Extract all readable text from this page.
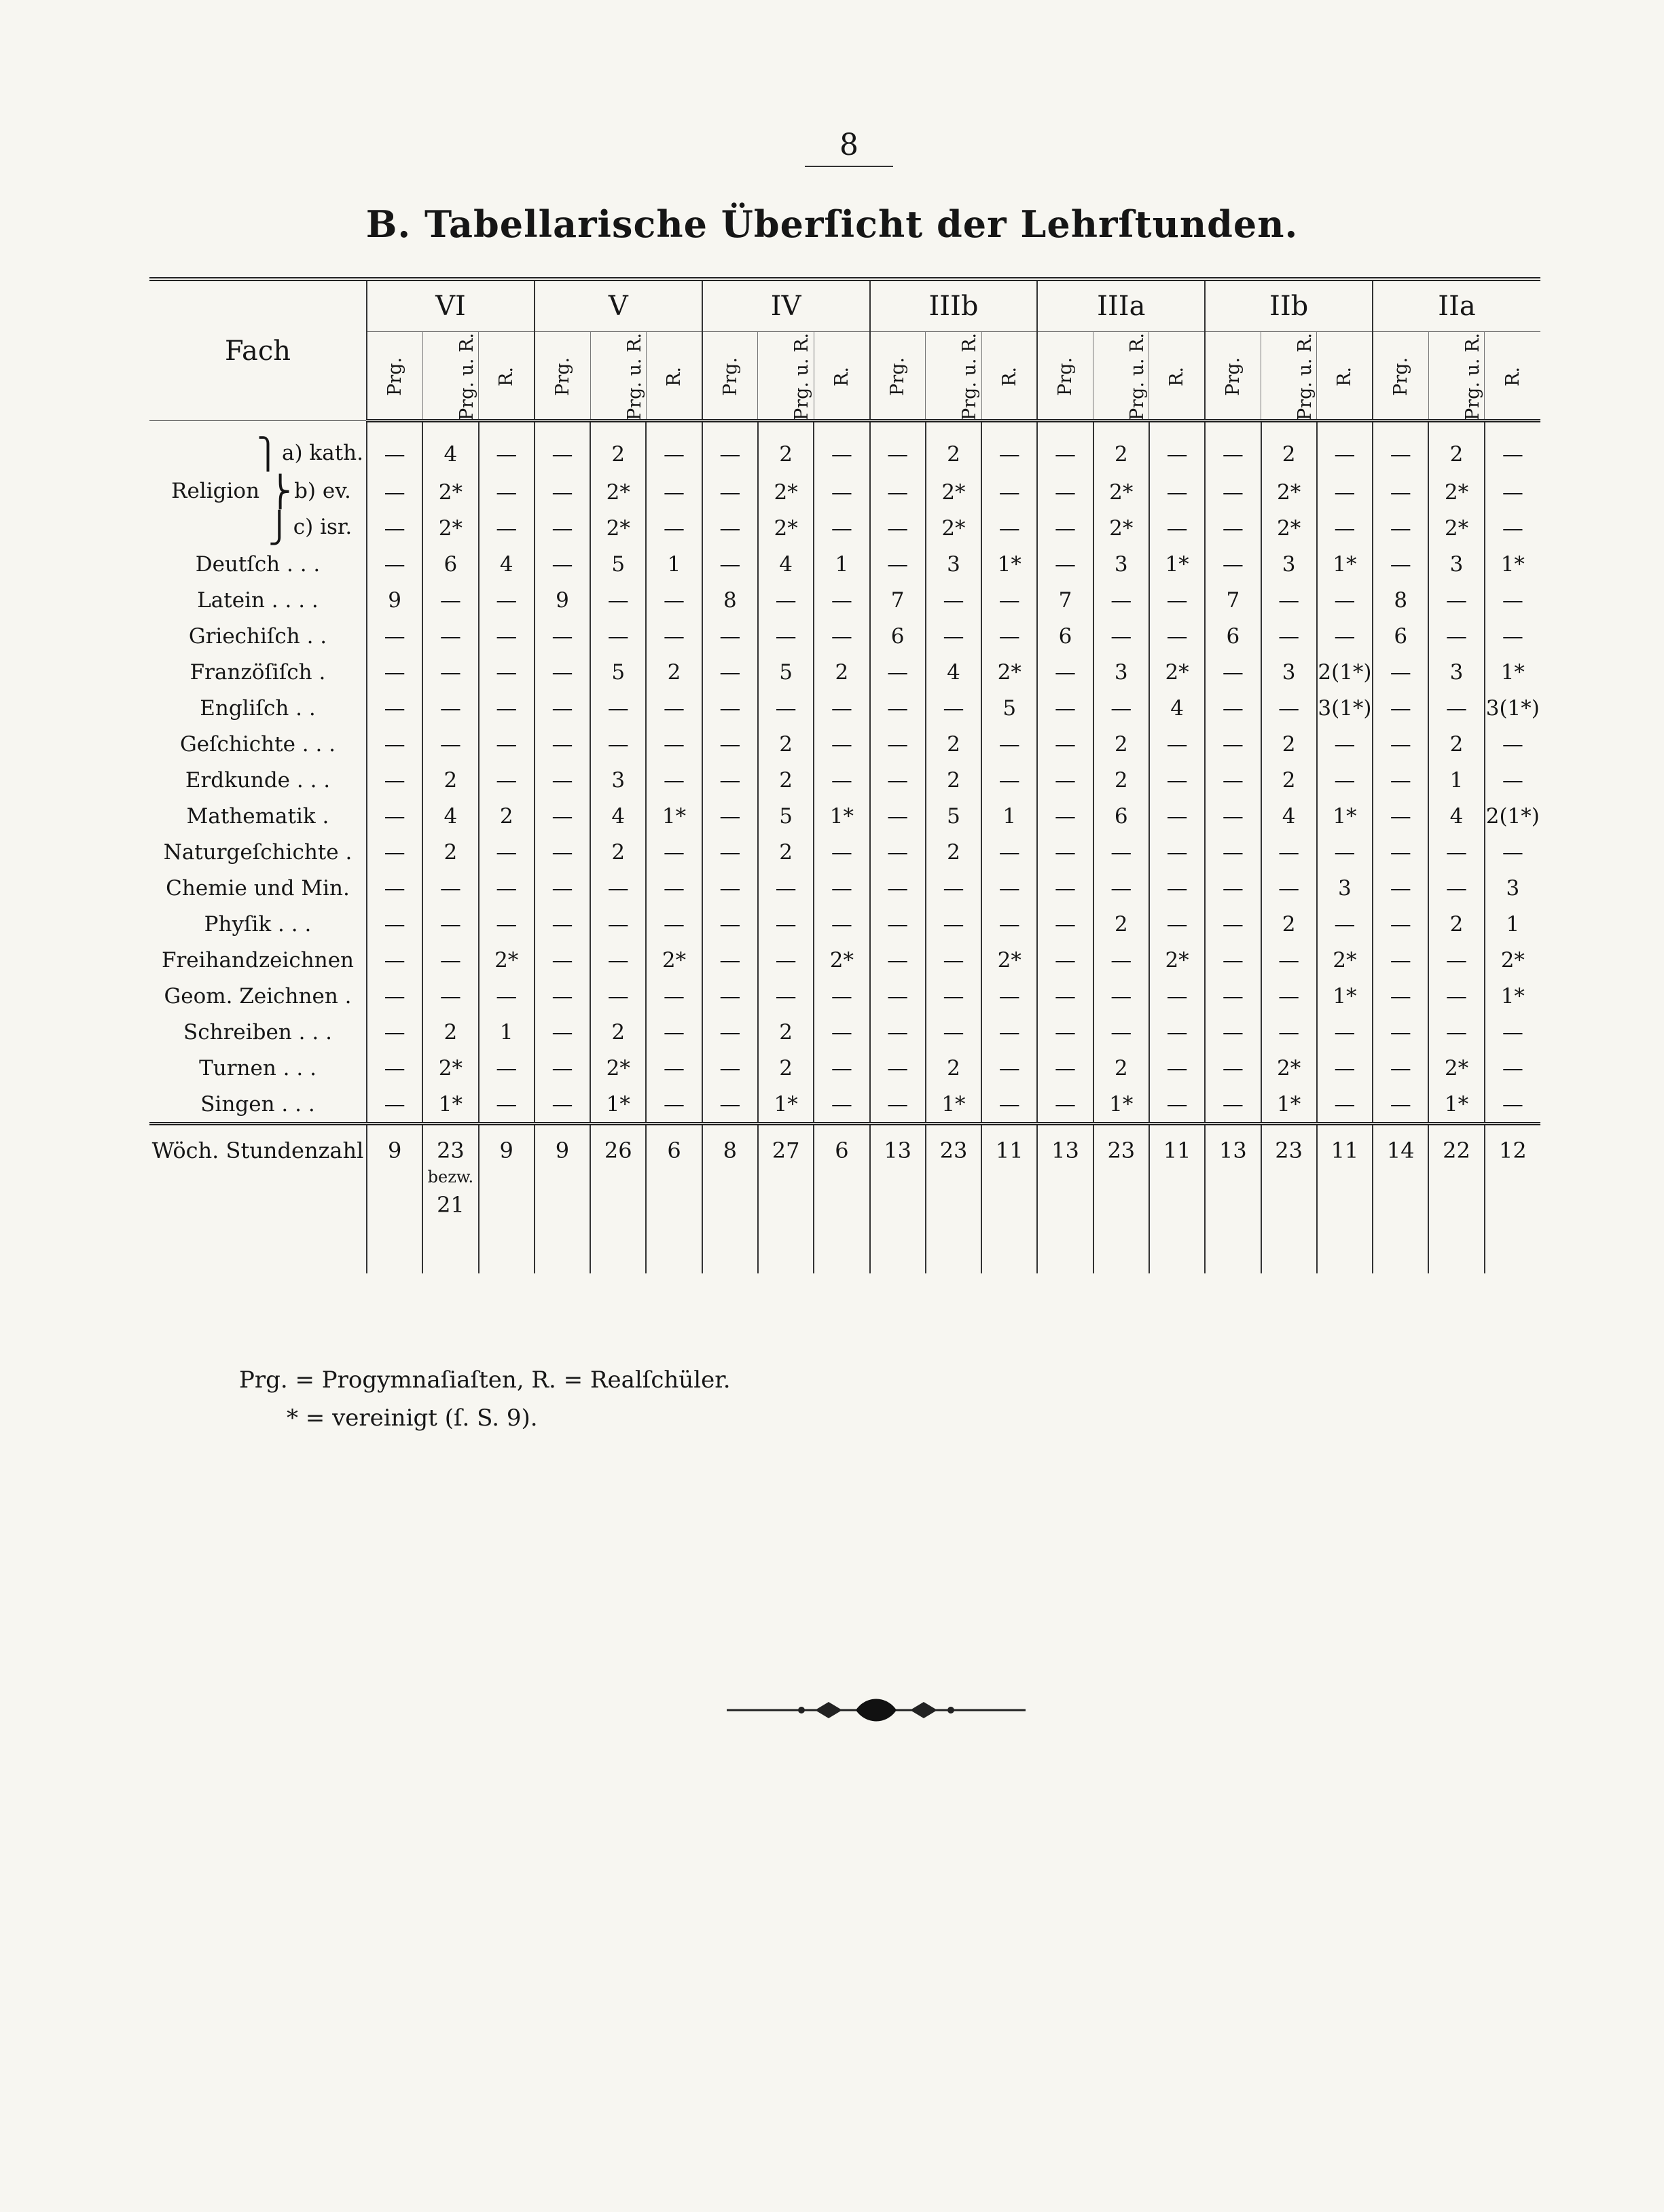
8
B. Tabellarische Überſicht der Lehrſtunden.
Fach	VI			V			IV			IIIb			IIIa			IIb			IIa		
	Prg.	Prg. u. R.	R.	Prg.	Prg. u. R.	R.	Prg.	Prg. u. R.	R.	Prg.	Prg. u. R.	R.	Prg.	Prg. u. R.	R.	Prg.	Prg. u. R.	R.	Prg.	Prg. u. R.	R.
⎫ a) kath.	—	4	—	—	2	—	—	2	—	—	2	—	—	2	—	—	2	—	—	2	—
Religion ⎬ b) ev.	—	2*	—	—	2*	—	—	2*	—	—	2*	—	—	2*	—	—	2*	—	—	2*	—
⎭ c) isr.	—	2*	—	—	2*	—	—	2*	—	—	2*	—	—	2*	—	—	2*	—	—	2*	—
Deutſch . . .	—	6	4	—	5	1	—	4	1	—	3	1*	—	3	1*	—	3	1*	—	3	1*
Latein . . . .	9	—	—	9	—	—	8	—	—	7	—	—	7	—	—	7	—	—	8	—	—
Griechiſch . .	—	—	—	—	—	—	—	—	—	6	—	—	6	—	—	6	—	—	6	—	—
Franzöſiſch .	—	—	—	—	5	2	—	5	2	—	4	2*	—	3	2*	—	3	2(1*)	—	3	1*
Engliſch . .	—	—	—	—	—	—	—	—	—	—	—	5	—	—	4	—	—	3(1*)	—	—	3(1*)
Geſchichte . . .	—	—	—	—	—	—	—	2	—	—	2	—	—	2	—	—	2	—	—	2	—
Erdkunde . . .	—	2	—	—	3	—	—	2	—	—	2	—	—	2	—	—	2	—	—	1	—
Mathematik .	—	4	2	—	4	1*	—	5	1*	—	5	1	—	6	—	—	4	1*	—	4	2(1*)
Naturgeſchichte .	—	2	—	—	2	—	—	2	—	—	2	—	—	—	—	—	—	—	—	—	—
Chemie und Min.	—	—	—	—	—	—	—	—	—	—	—	—	—	—	—	—	—	3	—	—	3
Phyſik . . .	—	—	—	—	—	—	—	—	—	—	—	—	—	2	—	—	2	—	—	2	1
Freihandzeichnen	—	—	2*	—	—	2*	—	—	2*	—	—	2*	—	—	2*	—	—	2*	—	—	2*
Geom. Zeichnen .	—	—	—	—	—	—	—	—	—	—	—	—	—	—	—	—	—	1*	—	—	1*
Schreiben . . .	—	2	1	—	2	—	—	2	—	—	—	—	—	—	—	—	—	—	—	—	—
Turnen . . .	—	2*	—	—	2*	—	—	2	—	—	2	—	—	2	—	—	2*	—	—	2*	—
Singen . . .	—	1*	—	—	1*	—	—	1*	—	—	1*	—	—	1*	—	—	1*	—	—	1*	—
Wöch. Stundenzahl	9	23
bezw.
21	9	9	26	6	8	27	6	13	23	11	13	23	11	13	23	11	14	22	12
Prg. = Progymnaſiaſten, R. = Realſchüler.
* = vereinigt (ſ. S. 9).
